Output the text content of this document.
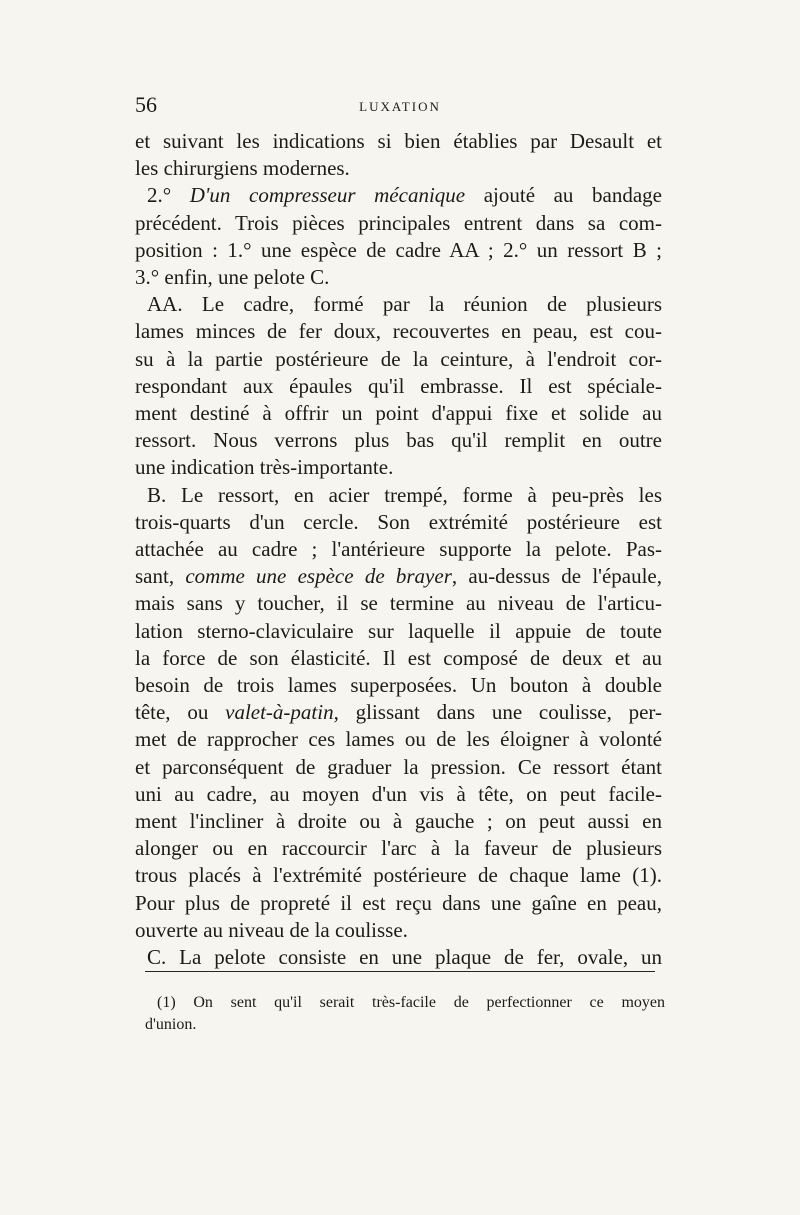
56	LUXATION
et suivant les indications si bien établies par Desault et
les chirurgiens modernes.
2.° D'un compresseur mécanique ajouté au bandage
précédent. Trois pièces principales entrent dans sa com-
position : 1.° une espèce de cadre AA ; 2.° un ressort B ;
3.° enfin, une pelote C.
AA. Le cadre, formé par la réunion de plusieurs
lames minces de fer doux, recouvertes en peau, est cou-
su à la partie postérieure de la ceinture, à l'endroit cor-
respondant aux épaules qu'il embrasse. Il est spéciale-
ment destiné à offrir un point d'appui fixe et solide au
ressort. Nous verrons plus bas qu'il remplit en outre
une indication très-importante.
B. Le ressort, en acier trempé, forme à peu-près les
trois-quarts d'un cercle. Son extrémité postérieure est
attachée au cadre ; l'antérieure supporte la pelote. Pas-
sant, comme une espèce de brayer, au-dessus de l'épaule,
mais sans y toucher, il se termine au niveau de l'articu-
lation sterno-claviculaire sur laquelle il appuie de toute
la force de son élasticité. Il est composé de deux et au
besoin de trois lames superposées. Un bouton à double
tête, ou valet-à-patin, glissant dans une coulisse, per-
met de rapprocher ces lames ou de les éloigner à volonté
et parconséquent de graduer la pression. Ce ressort étant
uni au cadre, au moyen d'un vis à tête, on peut facile-
ment l'incliner à droite ou à gauche ; on peut aussi en
alonger ou en raccourcir l'arc à la faveur de plusieurs
trous placés à l'extrémité postérieure de chaque lame (1).
Pour plus de propreté il est reçu dans une gaîne en peau,
ouverte au niveau de la coulisse.
C. La pelote consiste en une plaque de fer, ovale, un
(1) On sent qu'il serait très-facile de perfectionner ce moyen
d'union.
